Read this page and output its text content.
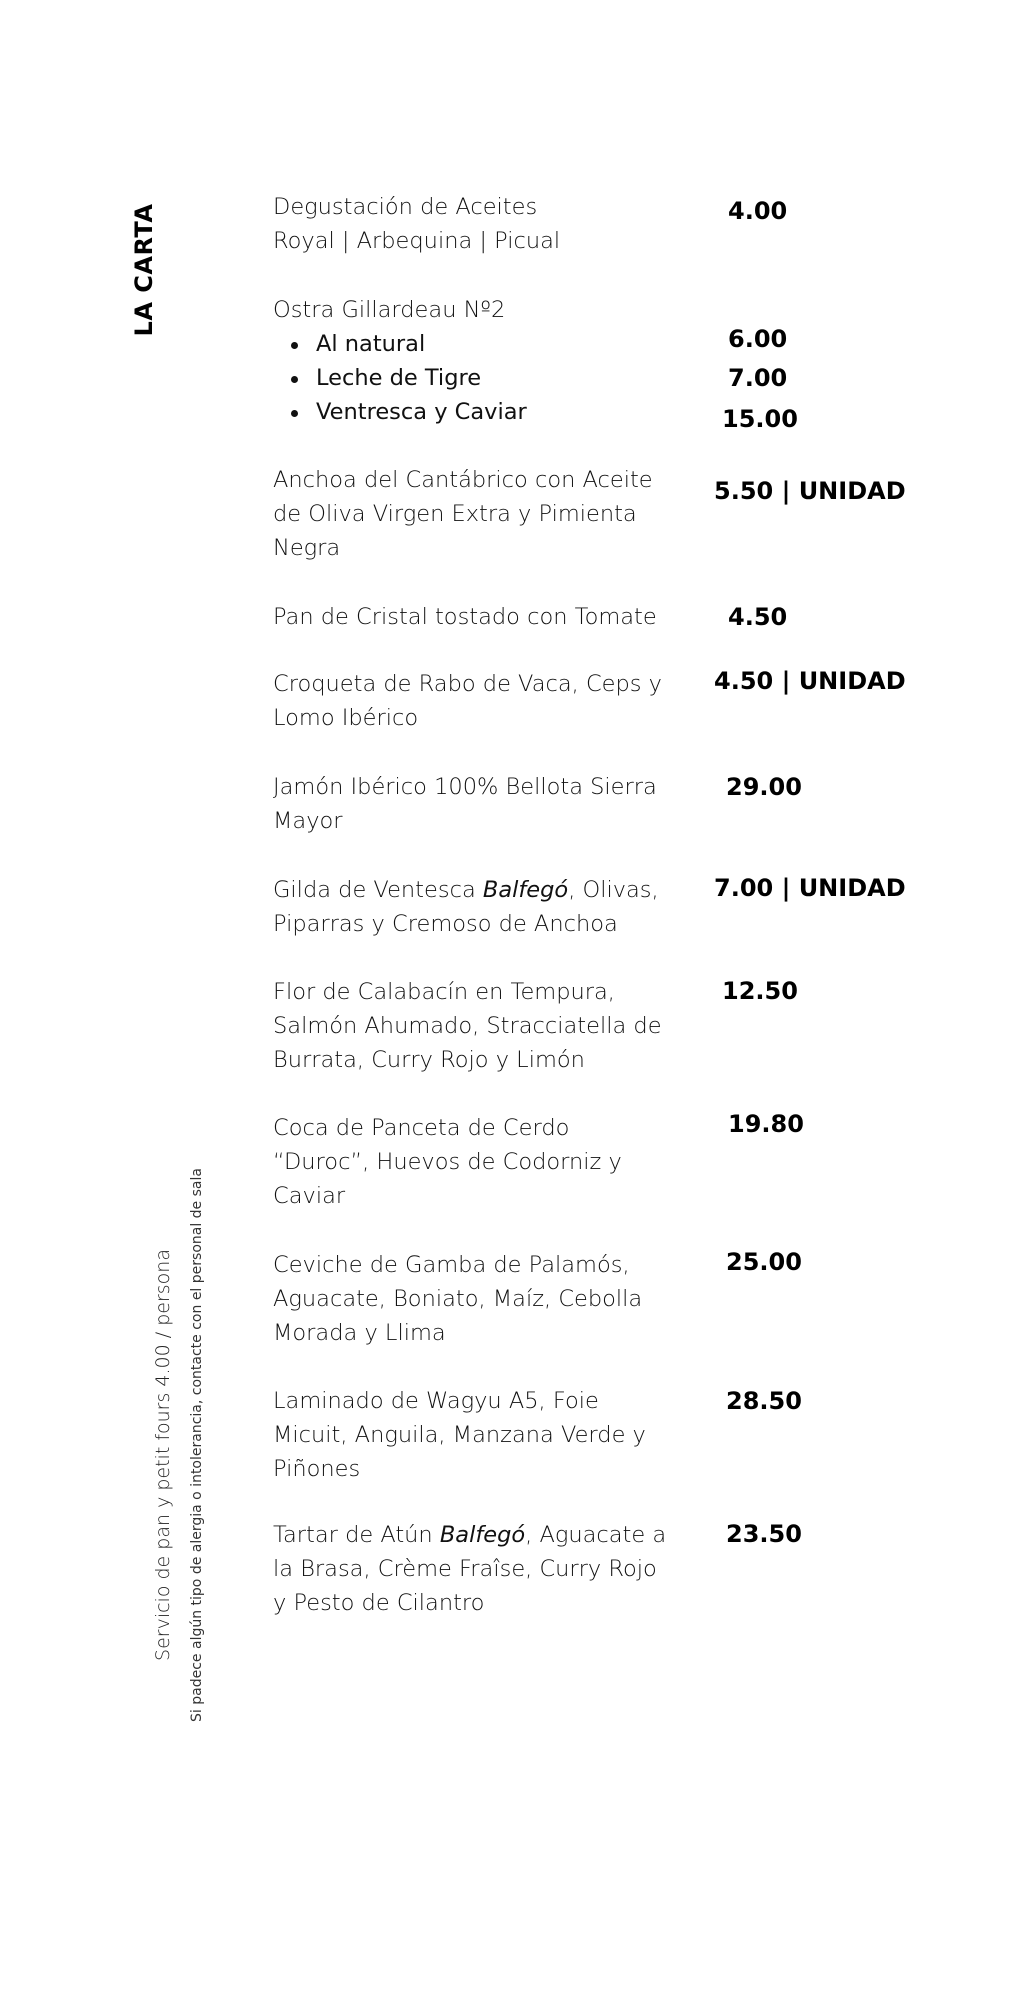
LA CARTA
Servicio de pan y petit fours 4.00 / persona Si padece algún tipo de alergia o intolerancia, contacte con el personal de sala
Degustación de Aceites
Royal | Arbequina | Picual
4.00
Ostra Gillardeau Nº2
Al natural
Leche de Tigre
Ventresca y Caviar
6.00
7.00
15.00
Anchoa del Cantábrico con Aceite
de Oliva Virgen Extra y Pimienta
Negra
5.50 | UNIDAD
Pan de Cristal tostado con Tomate	4.50
Croqueta de Rabo de Vaca, Ceps y
Lomo Ibérico
4.50 | UNIDAD
Jamón Ibérico 100% Bellota Sierra
Mayor
29.00
Gilda de Ventesca Balfegó, Olivas,
Piparras y Cremoso de Anchoa
7.00 | UNIDAD
Flor de Calabacín en Tempura,
Salmón Ahumado, Stracciatella de
Burrata, Curry Rojo y Limón
12.50
Coca de Panceta de Cerdo
“Duroc”, Huevos de Codorniz y
Caviar
19.80
Ceviche de Gamba de Palamós,
Aguacate, Boniato, Maíz, Cebolla
Morada y Llima
25.00
Laminado de Wagyu A5, Foie
Micuit, Anguila, Manzana Verde y
Piñones
28.50
Tartar de Atún Balfegó, Aguacate a
la Brasa, Crème Fraîse, Curry Rojo
y Pesto de Cilantro
23.50
